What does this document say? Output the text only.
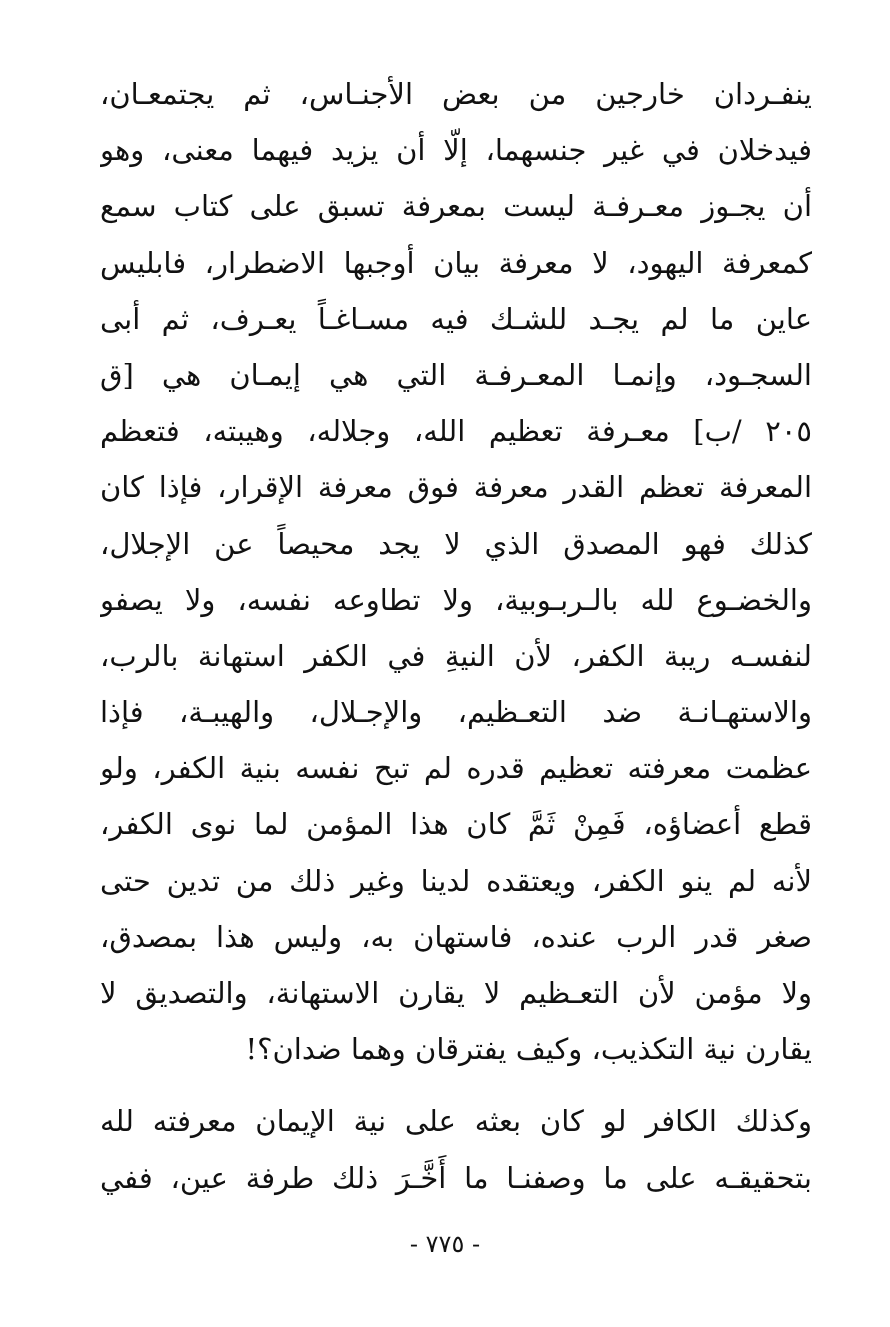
ينفـردان خارجين من بعض الأجنـاس، ثم يجتمعـان،
فيدخلان في غير جنسهما، إلّا أن يزيد فيهما معنى، وهو
أن يجـوز معـرفـة ليست بمعرفة تسبق على كتاب سمع
كمعرفة اليهود، لا معرفة بيان أوجبها الاضطرار، فابليس
عاين ما لم يجـد للشـك فيه مسـاغـاً يعـرف، ثم أبى
السجـود، وإنمـا المعـرفـة التي هي إيمـان هي [ق
٢٠٥ /ب] معـرفة تعظيم الله، وجلاله، وهيبته، فتعظم
المعرفة تعظم القدر معرفة فوق معرفة الإقرار، فإذا كان
كذلك فهو المصدق الذي لا يجد محيصاً عن الإجلال،
والخضـوع لله بالـربـوبية، ولا تطاوعه نفسه، ولا يصفو
لنفسـه ريبة الكفر، لأن النيةِ في الكفر استهانة بالرب،
والاستهـانـة ضد التعـظيم، والإجـلال، والهيبـة، فإذا
عظمت معرفته تعظيم قدره لم تبح نفسه بنية الكفر، ولو
قطع أعضاؤه، فَمِنْ ثَمَّ كان هذا المؤمن لما نوى الكفر،
لأنه لم ينو الكفر، ويعتقده لدينا وغير ذلك من تدين حتى
صغر قدر الرب عنده، فاستهان به، وليس هذا بمصدق،
ولا مؤمن لأن التعـظيم لا يقارن الاستهانة، والتصديق لا
يقارن نية التكذيب، وكيف يفترقان وهما ضدان؟!
وكذلك الكافر لو كان بعثه على نية الإيمان معرفته لله
بتحقيقـه على ما وصفنـا ما أَخَّـرَ ذلك طرفة عين، ففي
- ٧٧٥ -
